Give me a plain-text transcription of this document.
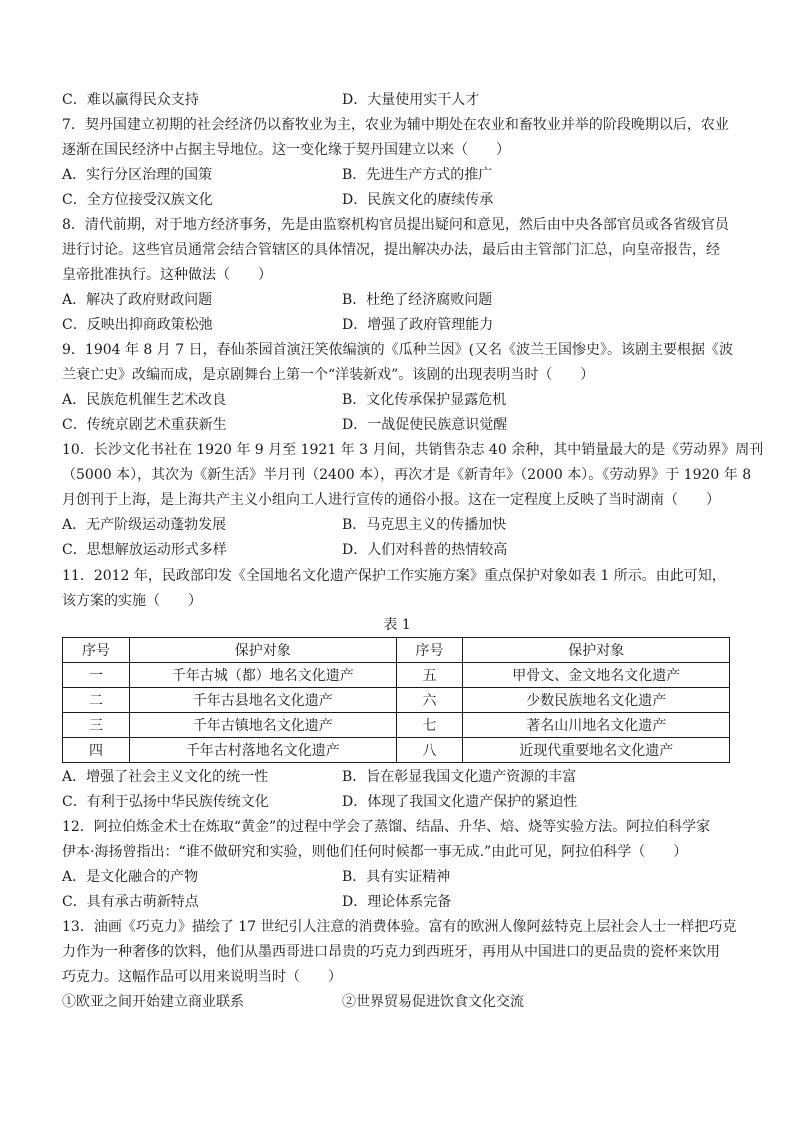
C．难以赢得民众支持	D．大量使用实干人才
7．契丹国建立初期的社会经济仍以畜牧业为主，农业为辅中期处在农业和畜牧业并举的阶段晚期以后，农业
逐渐在国民经济中占据主导地位。这一变化缘于契丹国建立以来（　　）
A．实行分区治理的国策	B．先进生产方式的推广
C．全方位接受汉族文化	D．民族文化的赓续传承
8．清代前期，对于地方经济事务，先是由监察机构官员提出疑问和意见，然后由中央各部官员或各省级官员
进行讨论。这些官员通常会结合管辖区的具体情况，提出解决办法，最后由主管部门汇总，向皇帝报告，经
皇帝批准执行。这种做法（　　）
A．解决了政府财政问题	B．杜绝了经济腐败问题
C．反映出抑商政策松弛	D．增强了政府管理能力
9．1904 年 8 月 7 日，春仙茶园首演汪笑侬编演的《瓜种兰因》(又名《波兰王国惨史》。该剧主要根据《波
兰衰亡史》改编而成，是京剧舞台上第一个“洋装新戏”。该剧的出现表明当时（　　）
A．民族危机催生艺术改良	B．文化传承保护显露危机
C．传统京剧艺术重获新生	D．一战促使民族意识觉醒
10．长沙文化书社在 1920 年 9 月至 1921 年 3 月间，共销售杂志 40 余种，其中销量最大的是《劳动界》周刊
（5000 本），其次为《新生活》半月刊（2400 本），再次才是《新青年》（2000 本）。《劳动界》于 1920 年 8
月创刊于上海，是上海共产主义小组向工人进行宣传的通俗小报。这在一定程度上反映了当时湖南（　　）
A．无产阶级运动蓬勃发展	B．马克思主义的传播加快
C．思想解放运动形式多样	D．人们对科普的热情较高
11．2012 年，民政部印发《全国地名文化遗产保护工作实施方案》重点保护对象如表 1 所示。由此可知，
该方案的实施（　　）
表 1
序号	保护对象	序号	保护对象
一	千年古城（都）地名文化遗产	五	甲骨文、金文地名文化遗产
二	千年古县地名文化遗产	六	少数民族地名文化遗产
三	千年古镇地名文化遗产	七	著名山川地名文化遗产
四	千年古村落地名文化遗产	八	近现代重要地名文化遗产
A．增强了社会主义文化的统一性	B．旨在彰显我国文化遗产资源的丰富
C．有利于弘扬中华民族传统文化	D．体现了我国文化遗产保护的紧迫性
12．阿拉伯炼金术士在炼取“黄金”的过程中学会了蒸馏、结晶、升华、焙、烧等实验方法。阿拉伯科学家
伊本·海扬曾指出：“谁不做研究和实验，则他们任何时候都一事无成.”由此可见，阿拉伯科学（　　）
A．是文化融合的产物	B．具有实证精神
C．具有承古萌新特点	D．理论体系完备
13．油画《巧克力》描绘了 17 世纪引人注意的消费体验。富有的欧洲人像阿兹特克上层社会人士一样把巧克
力作为一种奢侈的饮料，他们从墨西哥进口昂贵的巧克力到西班牙，再用从中国进口的更品贵的瓷杯来饮用
巧克力。这幅作品可以用来说明当时（　　）
①欧亚之间开始建立商业联系	②世界贸易促进饮食文化交流
